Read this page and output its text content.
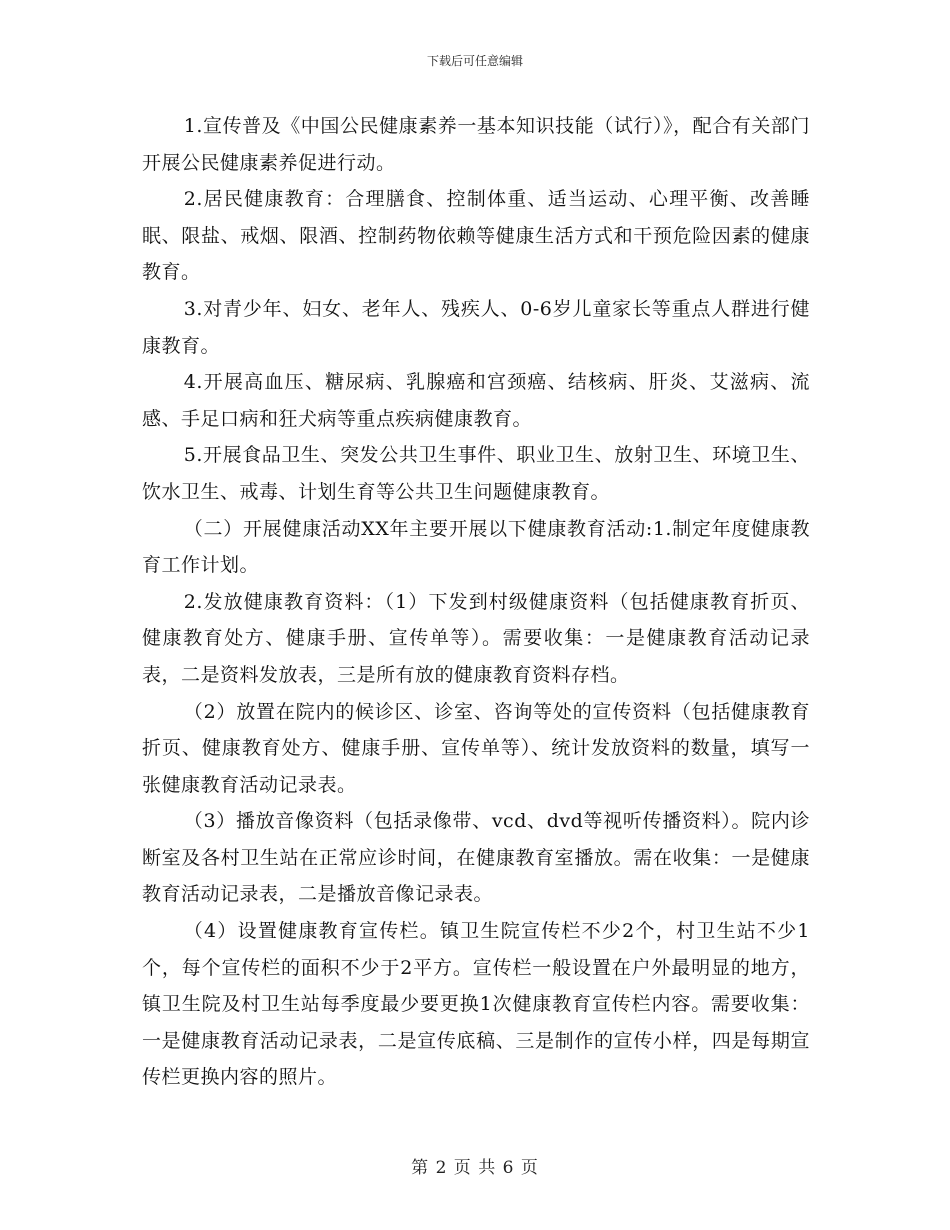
下载后可任意编辑

1.宣传普及《中国公民健康素养一基本知识技能（试行）》，配合有关部门开展公民健康素养促进行动。

2.居民健康教育：合理膳食、控制体重、适当运动、心理平衡、改善睡眠、限盐、戒烟、限酒、控制药物依赖等健康生活方式和干预危险因素的健康教育。

3.对青少年、妇女、老年人、残疾人、0-6岁儿童家长等重点人群进行健康教育。

4.开展高血压、糖尿病、乳腺癌和宫颈癌、结核病、肝炎、艾滋病、流感、手足口病和狂犬病等重点疾病健康教育。

5.开展食品卫生、突发公共卫生事件、职业卫生、放射卫生、环境卫生、饮水卫生、戒毒、计划生育等公共卫生问题健康教育。

（二）开展健康活动XX年主要开展以下健康教育活动:1.制定年度健康教育工作计划。

2.发放健康教育资料：（1）下发到村级健康资料（包括健康教育折页、健康教育处方、健康手册、宣传单等）。需要收集：一是健康教育活动记录表，二是资料发放表，三是所有放的健康教育资料存档。

（2）放置在院内的候诊区、诊室、咨询等处的宣传资料（包括健康教育折页、健康教育处方、健康手册、宣传单等）、统计发放资料的数量，填写一张健康教育活动记录表。

（3）播放音像资料（包括录像带、vcd、dvd等视听传播资料）。院内诊断室及各村卫生站在正常应诊时间，在健康教育室播放。需在收集：一是健康教育活动记录表，二是播放音像记录表。

（4）设置健康教育宣传栏。镇卫生院宣传栏不少2个，村卫生站不少1个，每个宣传栏的面积不少于2平方。宣传栏一般设置在户外最明显的地方，镇卫生院及村卫生站每季度最少要更换1次健康教育宣传栏内容。需要收集：一是健康教育活动记录表，二是宣传底稿、三是制作的宣传小样，四是每期宣传栏更换内容的照片。

第 2 页 共 6 页
